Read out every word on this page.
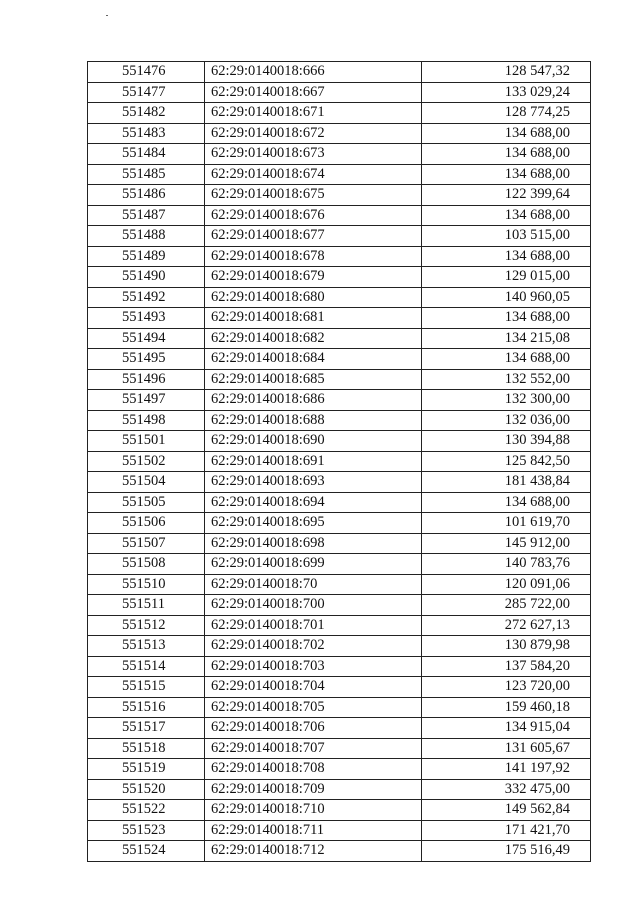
551476	62:29:0140018:666	128 547,32
551477	62:29:0140018:667	133 029,24
551482	62:29:0140018:671	128 774,25
551483	62:29:0140018:672	134 688,00
551484	62:29:0140018:673	134 688,00
551485	62:29:0140018:674	134 688,00
551486	62:29:0140018:675	122 399,64
551487	62:29:0140018:676	134 688,00
551488	62:29:0140018:677	103 515,00
551489	62:29:0140018:678	134 688,00
551490	62:29:0140018:679	129 015,00
551492	62:29:0140018:680	140 960,05
551493	62:29:0140018:681	134 688,00
551494	62:29:0140018:682	134 215,08
551495	62:29:0140018:684	134 688,00
551496	62:29:0140018:685	132 552,00
551497	62:29:0140018:686	132 300,00
551498	62:29:0140018:688	132 036,00
551501	62:29:0140018:690	130 394,88
551502	62:29:0140018:691	125 842,50
551504	62:29:0140018:693	181 438,84
551505	62:29:0140018:694	134 688,00
551506	62:29:0140018:695	101 619,70
551507	62:29:0140018:698	145 912,00
551508	62:29:0140018:699	140 783,76
551510	62:29:0140018:70	120 091,06
551511	62:29:0140018:700	285 722,00
551512	62:29:0140018:701	272 627,13
551513	62:29:0140018:702	130 879,98
551514	62:29:0140018:703	137 584,20
551515	62:29:0140018:704	123 720,00
551516	62:29:0140018:705	159 460,18
551517	62:29:0140018:706	134 915,04
551518	62:29:0140018:707	131 605,67
551519	62:29:0140018:708	141 197,92
551520	62:29:0140018:709	332 475,00
551522	62:29:0140018:710	149 562,84
551523	62:29:0140018:711	171 421,70
551524	62:29:0140018:712	175 516,49
